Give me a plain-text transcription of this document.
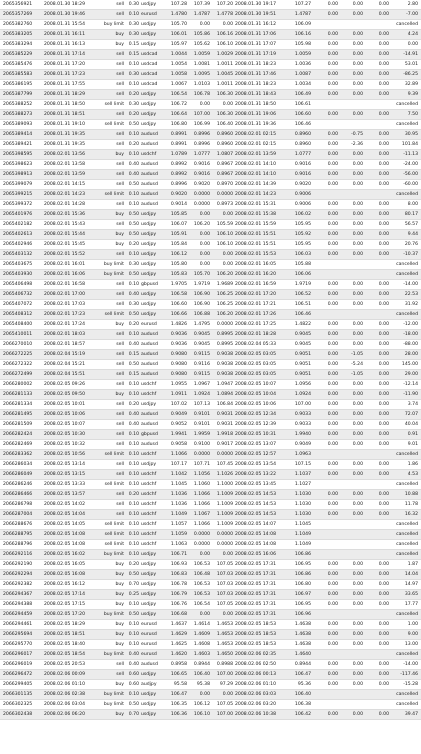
2065356921	2008.01.30 18:29	sell	0.30 usdjpy	107.28	107.39	107.20 2008.01.30 19:17	107.27	0.00	0.00	0.00	2.80
2065357269	2008.01.30 19:46	sell	0.10 eurusd	1.4780	1.4787	1.4778 2008.01.30 19:51	1.4787	0.00	0.00	0.00	-7.00
2065382760	2008.01.31 15:54	buy limit	0.30 usdjpy	105.70	0.00	0.00 2008.01.31 16:12	106.09	cancelled
2065383205	2008.01.31 16:11	buy	0.30 usdjpy	106.01	105.86	106.16 2008.01.31 17:06	106.16	0.00	0.00	0.00	4.24
2065383294	2008.01.31 16:13	buy	0.15 usdjpy	105.97	105.62	106.10 2008.01.31 17:07	105.98	0.00	0.00	0.00	0.00
2065385229	2008.01.31 17:14	sell	0.15 usdcad	1.0044	1.0059	1.0029 2008.01.31 17:19	1.0059	0.00	0.00	0.00	-14.91
2065385476	2008.01.31 17:20	sell	0.10 usdcad	1.0054	1.0081	1.0011 2008.01.31 18:23	1.0036	0.00	0.00	0.00	53.01
2065385583	2008.01.31 17:23	sell	0.30 usdcad	1.0058	1.0095	1.0045 2008.01.31 17:46	1.0087	0.00	0.00	0.00	-86.25
2065386195	2008.01.31 17:55	sell	0.10 usdcad	1.0067	1.0103	1.0011 2008.01.31 18:23	1.0034	0.00	0.00	0.00	32.89
2065387799	2008.01.31 18:29	sell	0.20 usdjpy	106.54	106.78	106.30 2008.01.31 18:43	106.49	0.00	0.00	0.00	9.39
2065388252	2008.01.31 18:50	sell limit	0.30 usdjpy	106.72	0.00	0.00 2008.01.31 18:50	106.61	cancelled
2065388273	2008.01.31 18:51	sell	0.20 usdjpy	106.64	107.00	106.30 2008.01.31 19:06	106.60	0.00	0.00	0.00	7.50
2065389093	2008.01.31 19:10	sell limit	0.50 usdjpy	106.80	106.99	106.40 2008.01.31 19:36	106.46	cancelled
2065389414	2008.01.31 19:35	sell	0.10 audusd	0.8991	0.8996	0.8960 2008.02.01 02:15	0.8960	0.00	-0.75	0.00	30.95
2065389421	2008.01.31 19:35	sell	0.20 audusd	0.8991	0.8996	0.8960 2008.02.01 02:15	0.8960	0.00	-2.36	0.00	101.84
2065398595	2008.02.01 13:56	buy	0.10 usdchf	1.0789	1.0777	1.0807 2008.02.01 13:59	1.0777	0.00	0.00	0.00	-11.13
2065398623	2008.02.01 13:58	sell	0.40 audusd	0.8992	0.9016	0.8967 2008.02.01 14:10	0.9016	0.00	0.00	0.00	-24.00
2065398913	2008.02.01 13:59	sell	0.40 audusd	0.8992	0.9016	0.8967 2008.02.01 14:10	0.9016	0.00	0.00	0.00	-56.00
2065399079	2008.02.01 14:15	sell	0.50 audusd	0.8996	0.9020	0.8970 2008.02.01 14:39	0.9020	0.00	0.00	0.00	-60.00
2065399215	2008.02.01 14:23	sell limit	0.10 audusd	0.9020	0.0000	0.0000 2008.02.01 14:23	0.9006	cancelled
2065399372	2008.02.01 14:28	sell	0.10 audusd	0.9014	0.0000	0.8973 2008.02.01 15:31	0.9006	0.00	0.00	0.00	8.00
2065401976	2008.02.01 15:36	buy	0.50 usdjpy	105.85	0.00	0.00 2008.02.01 15:38	106.02	0.00	0.00	0.00	80.17
2065402182	2008.02.01 15:43	sell	0.50 usdjpy	106.07	106.20	105.59 2008.02.01 15:59	105.95	0.00	0.00	0.00	56.57
2065402613	2008.02.01 15:44	buy	0.50 usdjpy	105.91	0.00	106.10 2008.02.01 15:51	105.92	0.00	0.00	0.00	9.44
2065402946	2008.02.01 15:45	buy	0.20 usdjpy	105.84	0.00	106.10 2008.02.01 15:51	105.95	0.00	0.00	0.00	20.76
2065403132	2008.02.01 15:52	sell	0.10 usdjpy	106.12	0.00	0.00 2008.02.01 15:53	106.03	0.00	0.00	0.00	-10.37
2065403675	2008.02.01 16:01	buy limit	0.30 usdjpy	105.80	0.00	0.00 2008.02.01 16:05	105.88	cancelled
2065403930	2008.02.01 16:06	buy limit	0.50 usdjpy	105.83	105.70	106.20 2008.02.01 16:20	106.06	cancelled
2065406498	2008.02.01 16:58	sell	0.10 gbpusd	1.9705	1.9719	1.9689 2008.02.01 16:59	1.9719	0.00	0.00	0.00	-14.00
2065406732	2008.02.01 17:00	sell	0.40 usdjpy	106.58	106.90	106.25 2008.02.01 17:20	106.52	0.00	0.00	0.00	22.53
2065407072	2008.02.01 17:03	sell	0.30 usdjpy	106.60	106.90	106.25 2008.02.01 17:21	106.51	0.00	0.00	0.00	31.92
2065408312	2008.02.01 17:23	sell limit	0.50 usdjpy	106.66	106.88	106.20 2008.02.01 17:26	106.46	cancelled
2065408400	2008.02.01 17:24	buy	0.20 eurusd	1.4826	1.4795	0.0000 2008.02.01 17:25	1.4822	0.00	0.00	0.00	-12.00
2065410011	2008.02.01 18:03	sell	0.10 audusd	0.9036	0.9045	0.8995 2008.02.01 18:28	0.9045	0.00	0.00	0.00	-18.00
2066270010	2008.02.01 18:57	sell	0.40 audusd	0.9036	0.9045	0.8995 2008.02.04 05:33	0.9045	0.00	0.00	0.00	-88.00
2066272225	2008.02.04 15:19	sell	0.15 audusd	0.9080	0.9115	0.9038 2008.02.05 03:05	0.9051	0.00	-1.05	0.00	28.00
2066272322	2008.02.04 15:21	sell	0.50 audusd	0.9080	0.9116	0.9038 2008.02.05 03:05	0.9051	0.00	-5.24	0.00	145.00
2066272499	2008.02.04 15:51	sell	0.15 audusd	0.9080	0.9115	0.9038 2008.02.05 03:05	0.9051	0.00	-1.05	0.00	29.00
2066280002	2008.02.05 09:26	sell	0.10 usdchf	1.0955	1.0967	1.0947 2008.02.05 10:07	1.0956	0.00	0.00	0.00	-12.14
2066281133	2008.02.05 09:50	buy	0.10 usdchf	1.0911	1.0924	1.0894 2008.02.05 10:04	1.0924	0.00	0.00	0.00	-11.90
2066281334	2008.02.05 10:01	sell	0.20 usdjpy	107.02	107.13	106.84 2008.02.05 10:06	107.00	0.00	0.00	0.00	3.74
2066281495	2008.02.05 10:06	sell	0.40 audusd	0.9049	0.9101	0.9031 2008.02.05 12:34	0.9033	0.00	0.00	0.00	72.07
2066281509	2008.02.05 10:07	sell	0.40 audusd	0.9052	0.9101	0.9031 2008.02.05 12:39	0.9033	0.00	0.00	0.00	40.04
2066282424	2008.02.05 10:30	sell	0.10 gbpusd	1.9941	1.9959	1.9918 2008.02.05 10:31	1.9940	0.00	0.00	0.00	0.91
2066282469	2008.02.05 10:32	sell	0.10 audusd	0.9058	0.9100	0.9017 2008.02.05 13:07	0.9049	0.00	0.00	0.00	9.01
2066283362	2008.02.05 10:56	sell limit	0.10 usdchf	1.1066	0.0000	0.0000 2008.02.05 12:57	1.0963	cancelled
2066286034	2008.02.05 13:14	sell	0.10 usdjpy	107.17	107.71	107.45 2008.02.05 13:54	107.15	0.00	0.00	0.00	1.86
2066286049	2008.02.05 13:15	sell	0.10 usdchf	1.1042	1.1056	1.1026 2008.02.05 13:22	1.1037	0.00	0.00	0.00	4.53
2066286246	2008.02.05 13:33	sell limit	0.10 usdchf	1.1045	1.1060	1.1000 2008.02.05 13:45	1.1027	cancelled
2066286466	2008.02.05 13:57	sell	0.20 usdchf	1.1036	1.1066	1.1009 2008.02.05 14:53	1.1030	0.00	0.00	0.00	10.88
2066286798	2008.02.05 14:02	sell	0.10 usdchf	1.1036	1.1066	1.1009 2008.02.05 14:53	1.1030	0.00	0.00	0.00	11.78
2066287004	2008.02.05 14:04	sell	0.10 usdchf	1.1049	1.1067	1.1009 2008.02.05 14:53	1.1030	0.00	0.00	0.00	16.32
2066288676	2008.02.05 14:05	sell limit	0.10 usdchf	1.1057	1.1066	1.1009 2008.02.05 14:07	1.1045	cancelled
2066288795	2008.02.05 14:08	sell limit	0.10 usdchf	1.1059	0.0000	0.0000 2008.02.05 14:08	1.1049	cancelled
2066288796	2008.02.05 14:08	sell limit	0.10 usdchf	1.1063	0.0000	0.0000 2008.02.05 14:08	1.1049	cancelled
2066292116	2008.02.05 16:02	buy limit	0.10 usdjpy	106.71	0.00	0.00 2008.02.05 16:06	106.86	cancelled
2066292190	2008.02.05 16:05	buy	0.20 usdjpy	106.93	106.53	107.05 2008.02.05 17:31	106.95	0.00	0.00	0.00	1.87
2066292294	2008.02.05 16:08	buy	0.50 usdjpy	106.83	106.48	107.03 2008.02.05 17:31	106.86	0.00	0.00	0.00	14.04
2066292382	2008.02.05 16:12	buy	0.70 usdjpy	106.78	106.53	107.03 2008.02.05 17:31	106.80	0.00	0.00	0.00	14.97
2066294367	2008.02.05 17:14	buy	0.25 usdjpy	106.79	106.53	107.03 2008.02.05 17:31	106.97	0.00	0.00	0.00	33.65
2066294388	2008.02.05 17:15	buy	0.10 usdjpy	106.76	106.54	107.05 2008.02.05 17:31	106.95	0.00	0.00	0.00	17.77
2066294459	2008.02.05 17:20	buy limit	0.50 usdjpy	106.68	0.00	0.00 2008.02.05 17:31	106.96	cancelled
2066294461	2008.02.05 18:29	buy	0.10 eurusd	1.4637	1.4614	1.4653 2008.02.05 18:53	1.4638	0.00	0.00	0.00	1.00
2066295694	2008.02.05 18:51	buy	0.10 eurusd	1.4629	1.4609	1.4653 2008.02.05 18:53	1.4638	0.00	0.00	0.00	9.00
2066295770	2008.02.05 18:40	buy	0.10 eurusd	1.4625	1.4608	1.4653 2008.02.05 18:53	1.4638	0.00	0.00	0.00	13.00
2066296017	2008.02.05 18:54	buy limit	0.40 eurusd	1.4620	1.4603	1.4650 2008.02.06 02:35	1.4640	cancelled
2066296019	2008.02.05 20:53	sell	0.40 audusd	0.8958	0.8944	0.8988 2008.02.06 02:50	0.8944	0.00	0.00	0.00	-14.00
2066296472	2008.02.06 00:09	sell	0.60 usdjpy	106.65	106.40	107.00 2008.02.06 00:13	106.47	0.00	0.00	0.00	-117.46
2066299405	2008.02.06 01:10	buy	0.60 audjpy	95.58	95.38	97.29 2008.02.06 01:10	95.36	0.00	0.00	0.00	-15.28
2066301135	2008.02.06 02:38	buy limit	0.10 usdjpy	106.47	0.00	0.00 2008.02.06 03:03	106.40	cancelled
2066302325	2008.02.06 03:04	buy limit	0.50 usdjpy	106.35	106.12	107.05 2008.02.06 03:20	106.38	cancelled
2066302438	2008.02.06 06:20	buy	0.70 usdjpy	106.36	106.10	107.00 2008.02.06 10:38	106.42	0.00	0.00	0.00	39.47
